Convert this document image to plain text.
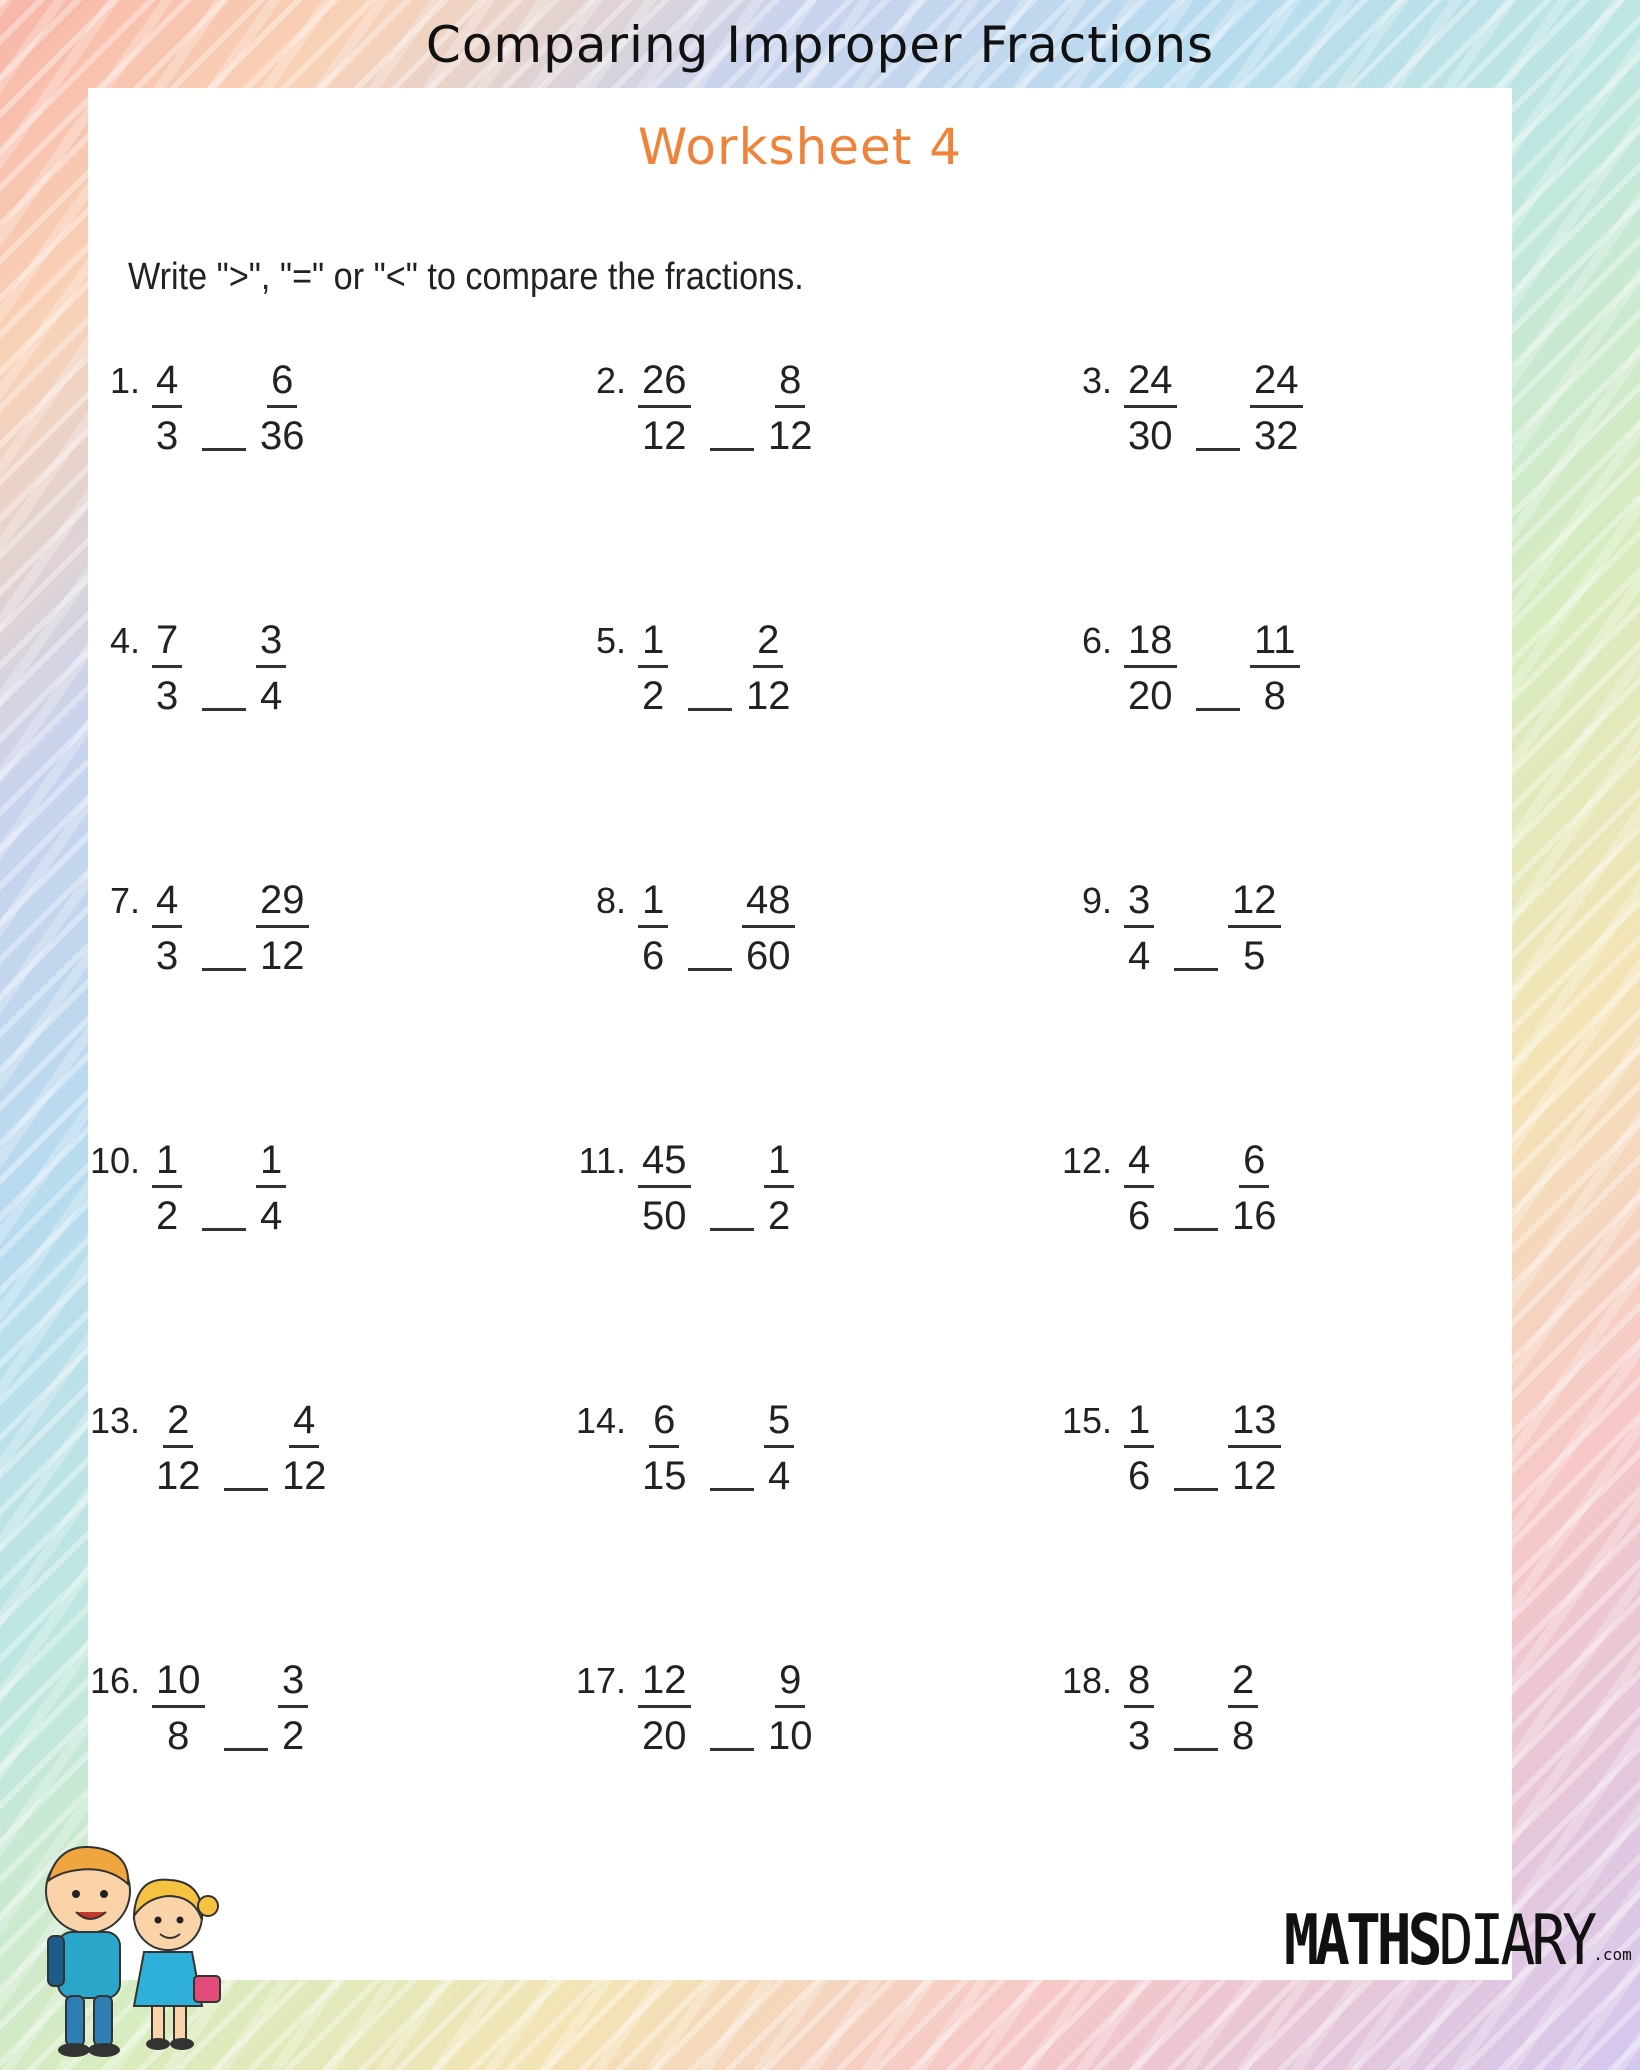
Comparing Improper Fractions
Worksheet 4
Write ">", "=" or "<" to compare the fractions.
1. $\frac{4}{3} \frac{6}{36}$	2. $\frac{26}{12} \frac{8}{12}$	3. $\frac{24}{30} \frac{24}{32}$
4. $\frac{7}{3} \frac{3}{4}$	5. $\frac{1}{2} \frac{2}{12}$	6. $\frac{18}{20} \frac{11}{8}$
7. $\frac{4}{3} \frac{29}{12}$	8. $\frac{1}{6} \frac{48}{60}$	9. $\frac{3}{4} \frac{12}{5}$
10. $\frac{1}{2} \frac{1}{4}$	11. $\frac{45}{50} \frac{1}{2}$	12. $\frac{4}{6} \frac{6}{16}$
13. $\frac{2}{12} \frac{4}{12}$	14. $\frac{6}{15} \frac{5}{4}$	15. $\frac{1}{6} \frac{13}{12}$
16. $\frac{10}{8} \frac{3}{2}$	17. $\frac{12}{20} \frac{9}{10}$	18. $\frac{8}{3} \frac{2}{8}$
MATHSDIARY.com
